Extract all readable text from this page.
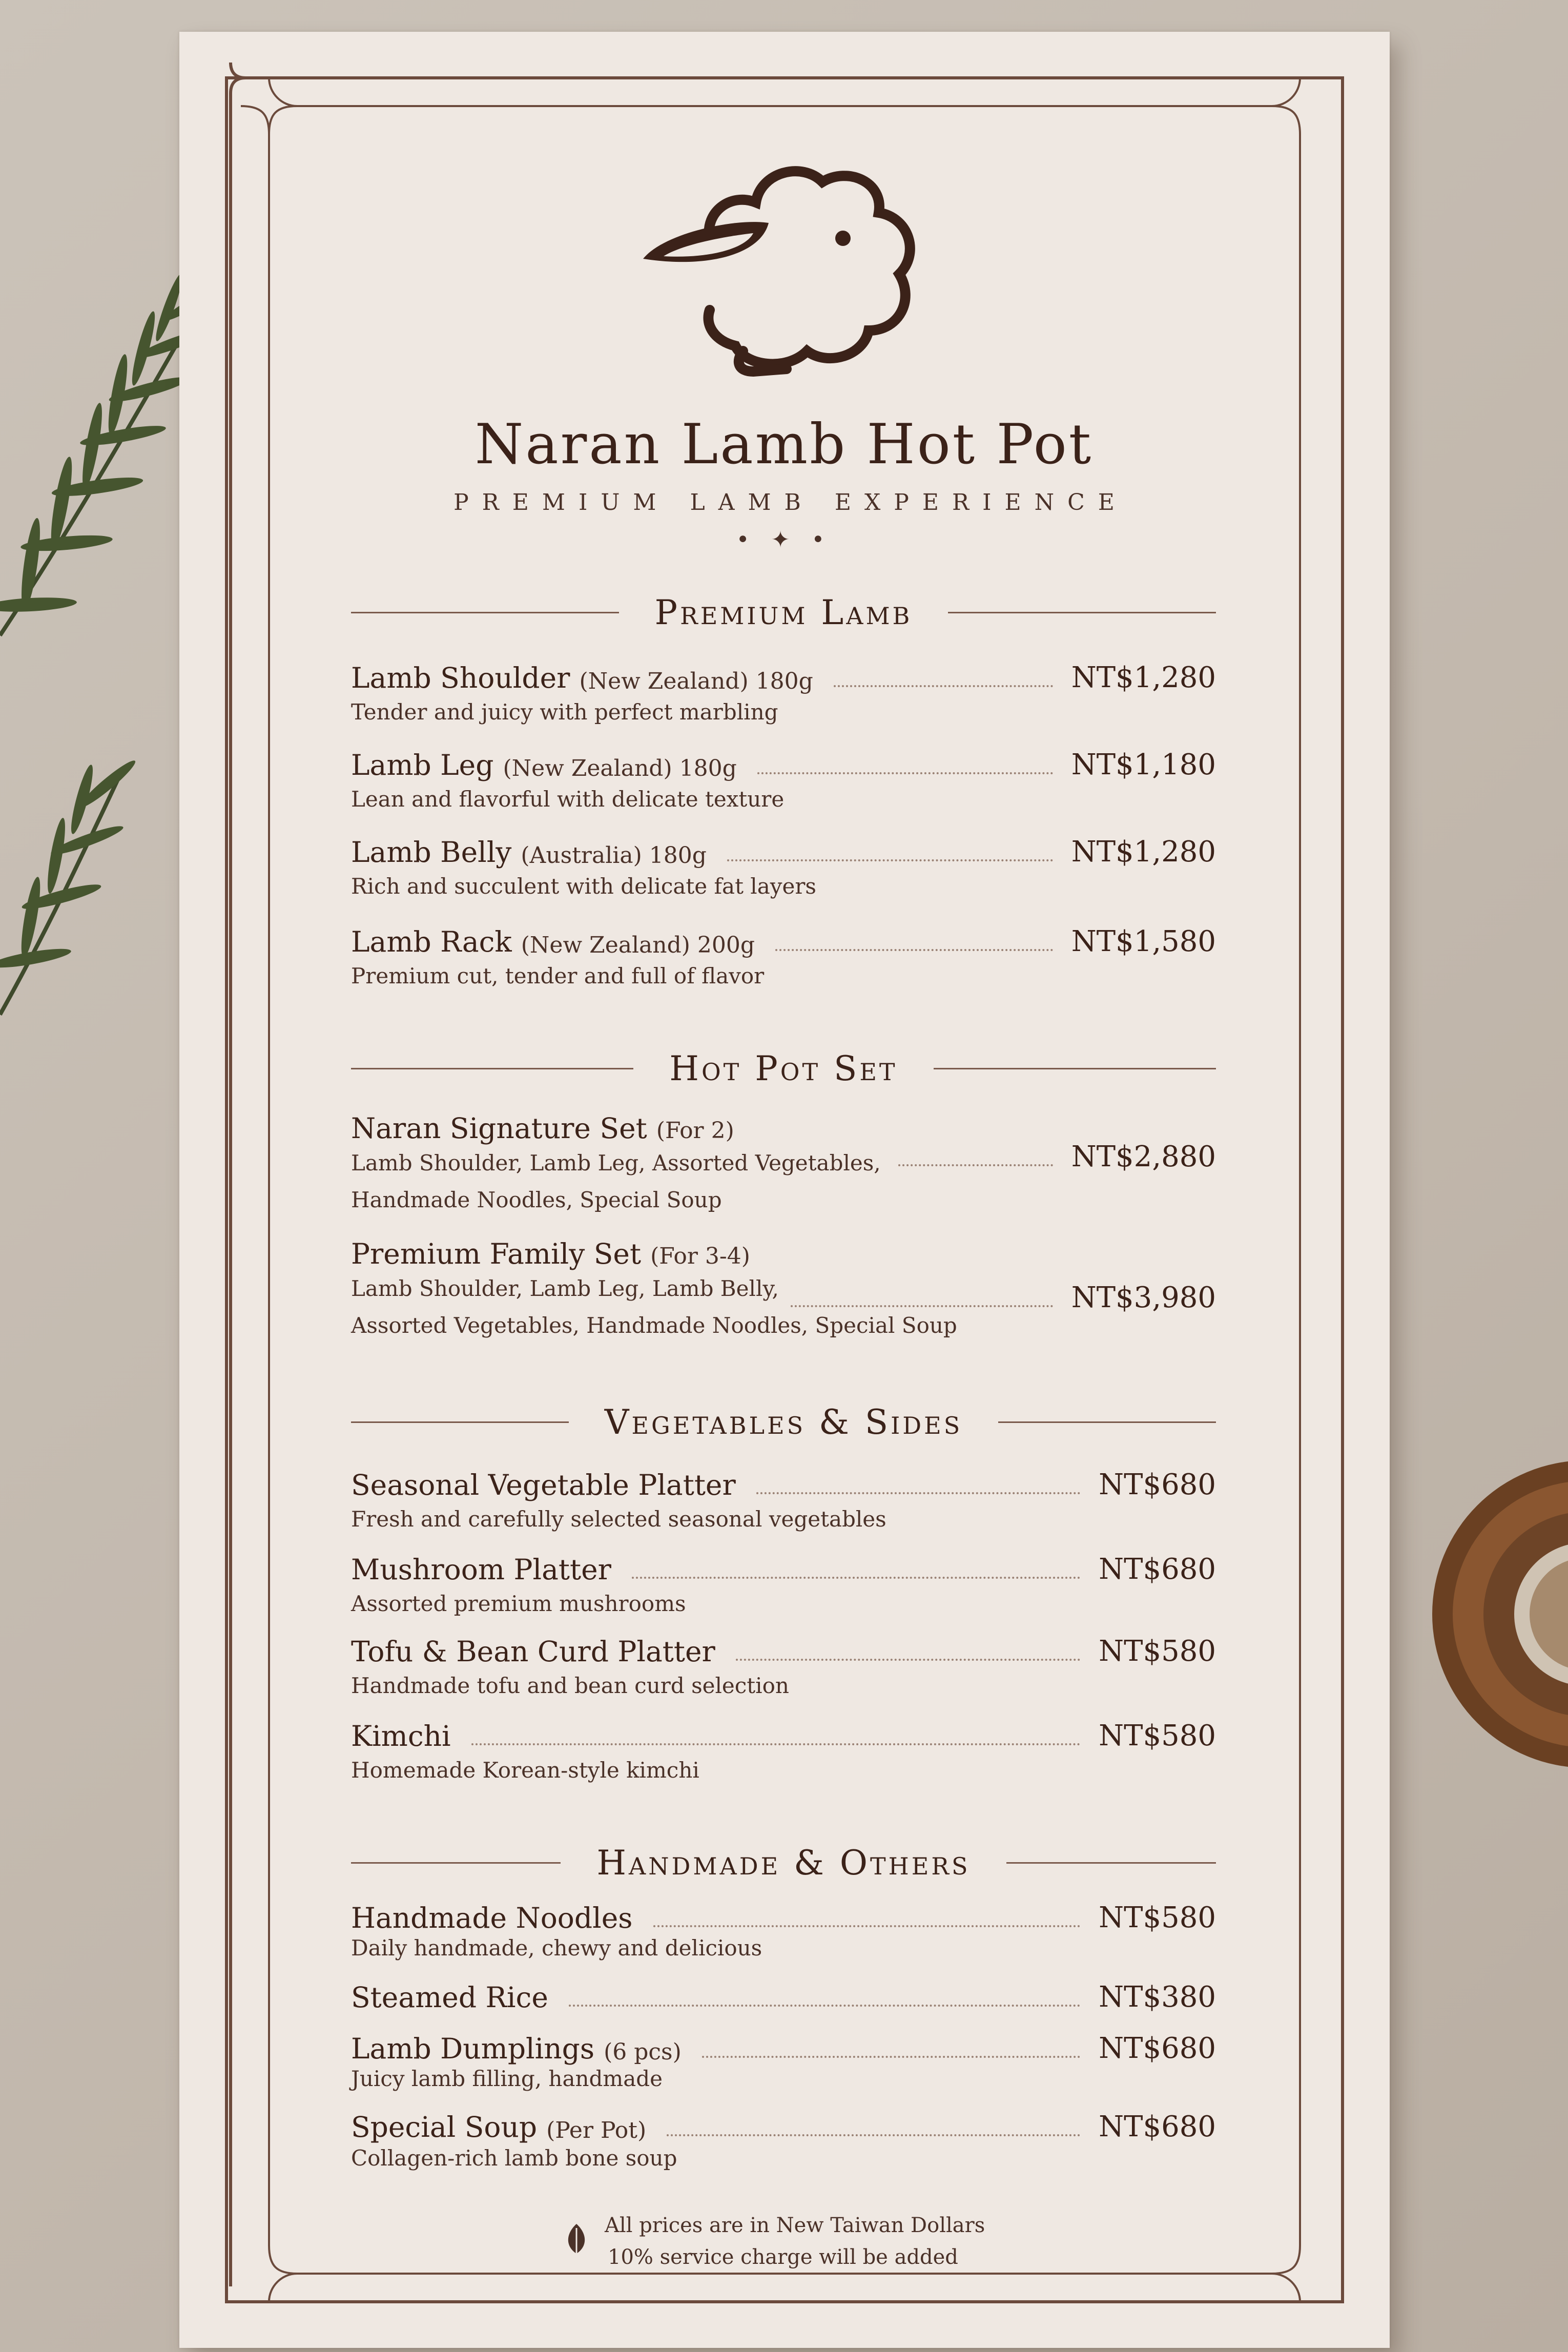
Naran Lamb Hot Pot
PREMIUM LAMB EXPERIENCE
• ✦ •
Premium Lamb
Lamb Shoulder (New Zealand) 180g	NT$1,280
Tender and juicy with perfect marbling
Lamb Leg (New Zealand) 180g	NT$1,180
Lean and flavorful with delicate texture
Lamb Belly (Australia) 180g	NT$1,280
Rich and succulent with delicate fat layers
Lamb Rack (New Zealand) 200g	NT$1,580
Premium cut, tender and full of flavor
Hot Pot Set
Naran Signature Set (For 2)
Lamb Shoulder, Lamb Leg, Assorted Vegetables,
Handmade Noodles, Special Soup
NT$2,880
Premium Family Set (For 3-4)
Lamb Shoulder, Lamb Leg, Lamb Belly,
Assorted Vegetables, Handmade Noodles, Special Soup
NT$3,980
Vegetables & Sides
Seasonal Vegetable Platter	NT$680
Fresh and carefully selected seasonal vegetables
Mushroom Platter	NT$680
Assorted premium mushrooms
Tofu & Bean Curd Platter	NT$580
Handmade tofu and bean curd selection
Kimchi	NT$580
Homemade Korean-style kimchi
Handmade & Others
Handmade Noodles	NT$580
Daily handmade, chewy and delicious
Steamed Rice	NT$380
Lamb Dumplings (6 pcs)	NT$680
Juicy lamb filling, handmade
Special Soup (Per Pot)	NT$680
Collagen-rich lamb bone soup
All prices are in New Taiwan Dollars
10% service charge will be added
